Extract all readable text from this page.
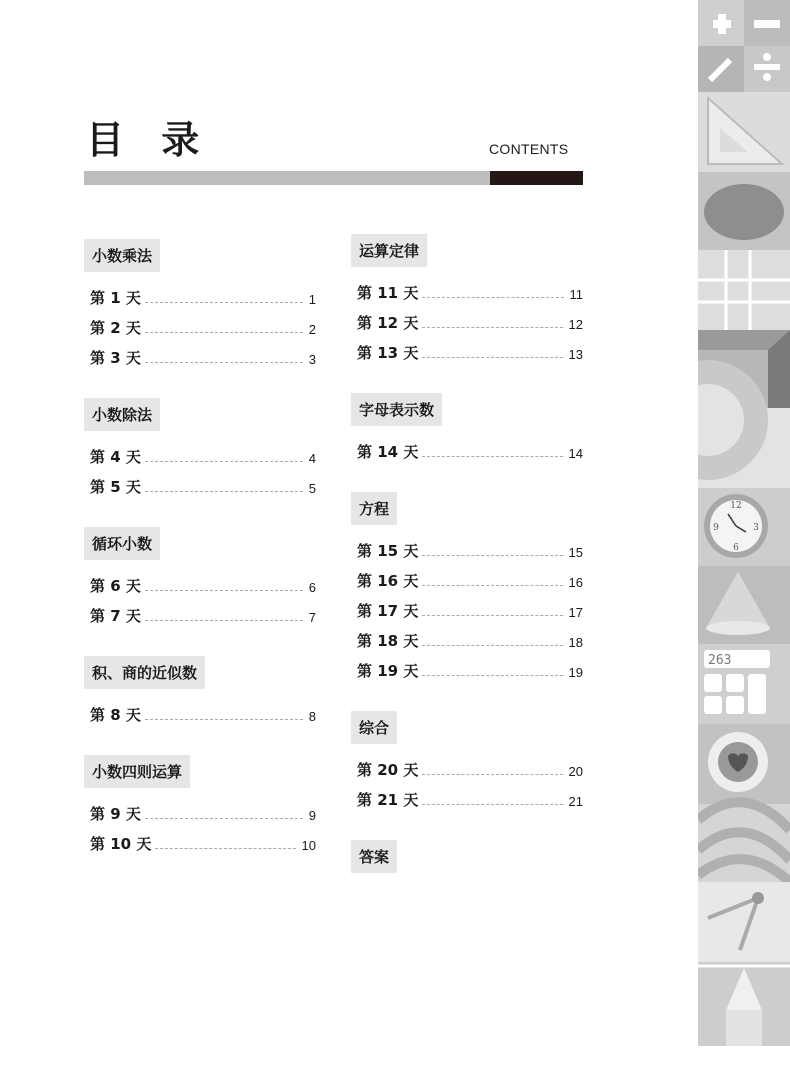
目 录	CONTENTS
小数乘法
第 1 天	1
第 2 天	2
第 3 天	3
小数除法
第 4 天	4
第 5 天	5
循环小数
第 6 天	6
第 7 天	7
积、商的近似数
第 8 天	8
小数四则运算
第 9 天	9
第 10 天	10
运算定律
第 11 天	11
第 12 天	12
第 13 天	13
字母表示数
第 14 天	14
方程
第 15 天	15
第 16 天	16
第 17 天	17
第 18 天	18
第 19 天	19
综合
第 20 天	20
第 21 天	21
答案
12
3
6
9
263
